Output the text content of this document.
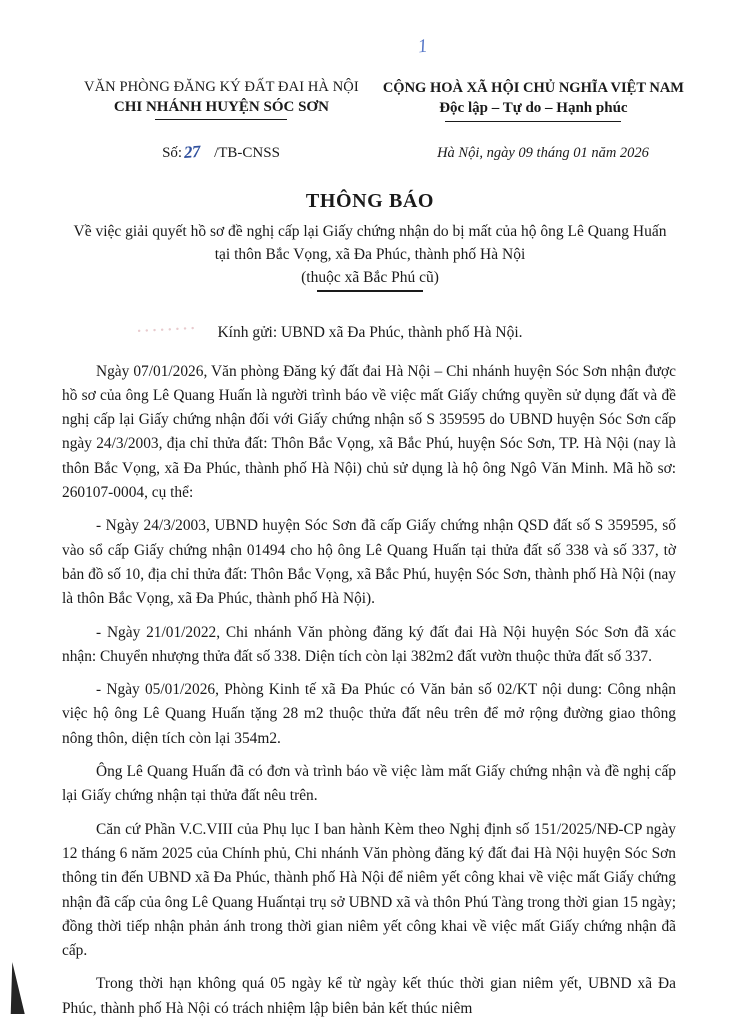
1
• • • • • • • •
VĂN PHÒNG ĐĂNG KÝ ĐẤT ĐAI HÀ NỘI
CHI NHÁNH HUYỆN SÓC SƠN
CỘNG HOÀ XÃ HỘI CHỦ NGHĨA VIỆT NAM
Độc lập – Tự do – Hạnh phúc
Số:27 /TB-CNSS	Hà Nội, ngày 09 tháng 01 năm 2026
THÔNG BÁO
Về việc giải quyết hồ sơ đề nghị cấp lại Giấy chứng nhận do bị mất của hộ ông Lê Quang Huấn tại thôn Bắc Vọng, xã Đa Phúc, thành phố Hà Nội
(thuộc xã Bắc Phú cũ)
Kính gửi: UBND xã Đa Phúc, thành phố Hà Nội.

Ngày 07/01/2026, Văn phòng Đăng ký đất đai Hà Nội – Chi nhánh huyện Sóc Sơn nhận được hồ sơ của ông Lê Quang Huấn là người trình báo về việc mất Giấy chứng quyền sử dụng đất và đề nghị cấp lại Giấy chứng nhận đối với Giấy chứng nhận số S 359595 do UBND huyện Sóc Sơn cấp ngày 24/3/2003, địa chỉ thửa đất: Thôn Bắc Vọng, xã Bắc Phú, huyện Sóc Sơn, TP. Hà Nội (nay là thôn Bắc Vọng, xã Đa Phúc, thành phố Hà Nội) chủ sử dụng là hộ ông Ngô Văn Minh. Mã hồ sơ: 260107-0004, cụ thể:

- Ngày 24/3/2003, UBND huyện Sóc Sơn đã cấp Giấy chứng nhận QSD đất số S 359595, số vào sổ cấp Giấy chứng nhận 01494 cho hộ ông Lê Quang Huấn tại thửa đất số 338 và số 337, tờ bản đồ số 10, địa chỉ thửa đất: Thôn Bắc Vọng, xã Bắc Phú, huyện Sóc Sơn, thành phố Hà Nội (nay là thôn Bắc Vọng, xã Đa Phúc, thành phố Hà Nội).

- Ngày 21/01/2022, Chi nhánh Văn phòng đăng ký đất đai Hà Nội huyện Sóc Sơn đã xác nhận: Chuyển nhượng thửa đất số 338. Diện tích còn lại 382m2 đất vườn thuộc thửa đất số 337.

- Ngày 05/01/2026, Phòng Kinh tế xã Đa Phúc có Văn bản số 02/KT nội dung: Công nhận việc hộ ông Lê Quang Huấn tặng 28 m2 thuộc thửa đất nêu trên để mở rộng đường giao thông nông thôn, diện tích còn lại 354m2.

Ông Lê Quang Huấn đã có đơn và trình báo về việc làm mất Giấy chứng nhận và đề nghị cấp lại Giấy chứng nhận tại thửa đất nêu trên.

Căn cứ Phần V.C.VIII của Phụ lục I ban hành Kèm theo Nghị định số 151/2025/NĐ-CP ngày 12 tháng 6 năm 2025 của Chính phủ, Chi nhánh Văn phòng đăng ký đất đai Hà Nội huyện Sóc Sơn thông tin đến UBND xã Đa Phúc, thành phố Hà Nội để niêm yết công khai về việc mất Giấy chứng nhận đã cấp của ông Lê Quang Huấntại trụ sở UBND xã và thôn Phú Tàng trong thời gian 15 ngày; đồng thời tiếp nhận phản ánh trong thời gian niêm yết công khai về việc mất Giấy chứng nhận đã cấp.

Trong thời hạn không quá 05 ngày kể từ ngày kết thúc thời gian niêm yết, UBND xã Đa Phúc, thành phố Hà Nội có trách nhiệm lập biên bản kết thúc niêm
